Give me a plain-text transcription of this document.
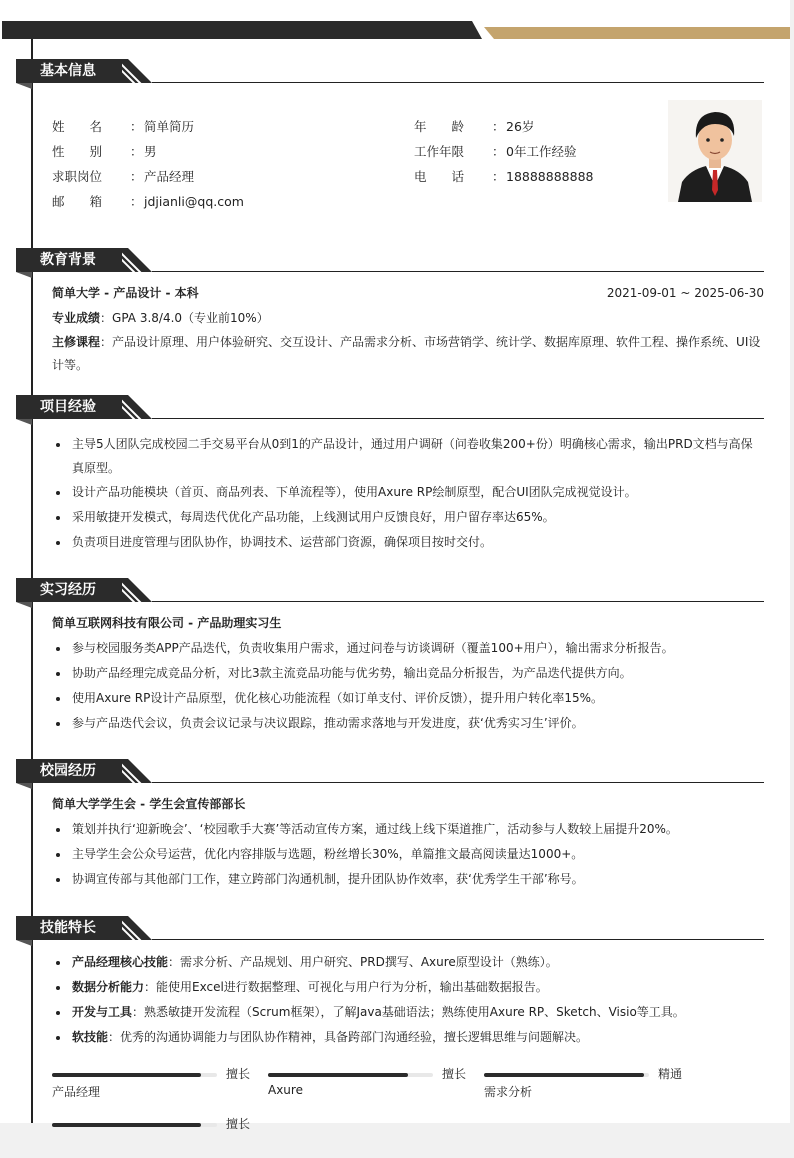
基本信息
姓　　名 ：简单简历
性　　别 ：男
求职岗位 ：产品经理
邮　　箱 ：jdjianli@qq.com
年　　龄 ：26岁
工作年限 ：0年工作经验
电　　话 ：18888888888
教育背景
简单大学 - 产品设计 - 本科	2021-09-01 ~ 2025-06-30
专业成绩：GPA 3.8/4.0（专业前10%）
主修课程：产品设计原理、用户体验研究、交互设计、产品需求分析、市场营销学、统计学、数据库原理、软件工程、操作系统、UI设计等。
项目经验
主导5人团队完成校园二手交易平台从0到1的产品设计，通过用户调研（问卷收集200+份）明确核心需求，输出PRD文档与高保真原型。
设计产品功能模块（首页、商品列表、下单流程等），使用Axure RP绘制原型，配合UI团队完成视觉设计。
采用敏捷开发模式，每周迭代优化产品功能，上线测试用户反馈良好，用户留存率达65%。
负责项目进度管理与团队协作，协调技术、运营部门资源，确保项目按时交付。
实习经历
简单互联网科技有限公司 - 产品助理实习生
参与校园服务类APP产品迭代，负责收集用户需求，通过问卷与访谈调研（覆盖100+用户），输出需求分析报告。
协助产品经理完成竞品分析，对比3款主流竞品功能与优劣势，输出竞品分析报告，为产品迭代提供方向。
使用Axure RP设计产品原型，优化核心功能流程（如订单支付、评价反馈），提升用户转化率15%。
参与产品迭代会议，负责会议记录与决议跟踪，推动需求落地与开发进度，获‘优秀实习生’评价。
校园经历
简单大学学生会 - 学生会宣传部部长
策划并执行‘迎新晚会’、‘校园歌手大赛’等活动宣传方案，通过线上线下渠道推广，活动参与人数较上届提升20%。
主导学生会公众号运营，优化内容排版与选题，粉丝增长30%，单篇推文最高阅读量达1000+。
协调宣传部与其他部门工作，建立跨部门沟通机制，提升团队协作效率，获‘优秀学生干部’称号。
技能特长
产品经理核心技能：需求分析、产品规划、用户研究、PRD撰写、Axure原型设计（熟练）。
数据分析能力：能使用Excel进行数据整理、可视化与用户行为分析，输出基础数据报告。
开发与工具：熟悉敏捷开发流程（Scrum框架），了解Java基础语法；熟练使用Axure RP、Sketch、Visio等工具。
软技能：优秀的沟通协调能力与团队协作精神，具备跨部门沟通经验，擅长逻辑思维与问题解决。
擅长
产品经理
擅长
Axure
精通
需求分析
擅长
